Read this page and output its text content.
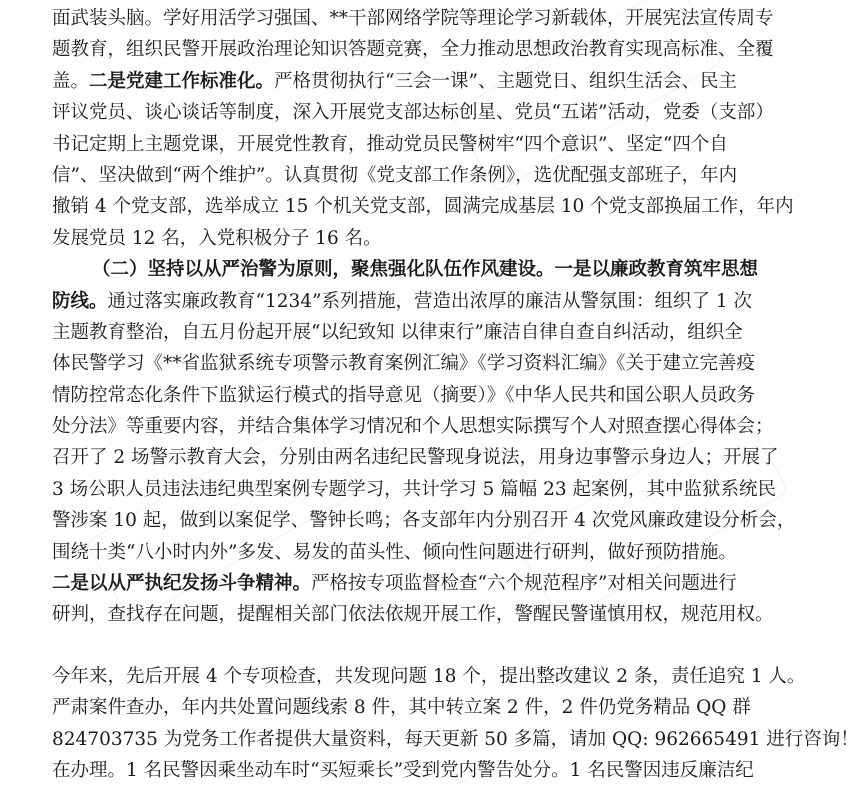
面武装头脑。学好用活学习强国、**干部网络学院等理论学习新载体，开展宪法宣传周专
题教育，组织民警开展政治理论知识答题竞赛，全力推动思想政治教育实现高标准、全覆
盖。二是党建工作标准化。严格贯彻执行“三会一课”、主题党日、组织生活会、民主
评议党员、谈心谈话等制度，深入开展党支部达标创星、党员“五诺”活动，党委（支部）
书记定期上主题党课，开展党性教育，推动党员民警树牢“四个意识”、坚定“四个自
信”、坚决做到“两个维护”。认真贯彻《党支部工作条例》，选优配强支部班子，年内
撤销 4 个党支部，选举成立 15 个机关党支部，圆满完成基层 10 个党支部换届工作，年内
发展党员 12 名，入党积极分子 16 名。
（二）坚持以从严治警为原则，聚焦强化队伍作风建设。一是以廉政教育筑牢思想
防线。通过落实廉政教育“1234”系列措施，营造出浓厚的廉洁从警氛围：组织了 1 次
主题教育整治，自五月份起开展“以纪致知 以律束行”廉洁自律自查自纠活动，组织全
体民警学习《**省监狱系统专项警示教育案例汇编》《学习资料汇编》《关于建立完善疫
情防控常态化条件下监狱运行模式的指导意见（摘要）》《中华人民共和国公职人员政务
处分法》等重要内容，并结合集体学习情况和个人思想实际撰写个人对照查摆心得体会；
召开了 2 场警示教育大会，分别由两名违纪民警现身说法，用身边事警示身边人；开展了
3 场公职人员违法违纪典型案例专题学习，共计学习 5 篇幅 23 起案例，其中监狱系统民
警涉案 10 起，做到以案促学、警钟长鸣；各支部年内分别召开 4 次党风廉政建设分析会，
围绕十类“八小时内外”多发、易发的苗头性、倾向性问题进行研判，做好预防措施。
二是以从严执纪发扬斗争精神。严格按专项监督检查“六个规范程序”对相关问题进行
研判，查找存在问题，提醒相关部门依法依规开展工作，警醒民警谨慎用权，规范用权。
今年来，先后开展 4 个专项检查，共发现问题 18 个，提出整改建议 2 条，责任追究 1 人。
严肃案件查办，年内共处置问题线索 8 件，其中转立案 2 件，2 件仍党务精品 QQ 群
824703735 为党务工作者提供大量资料，每天更新 50 多篇，请加 QQ: 962665491 进行咨询！
在办理。1 名民警因乘坐动车时“买短乘长”受到党内警告处分。1 名民警因违反廉洁纪
